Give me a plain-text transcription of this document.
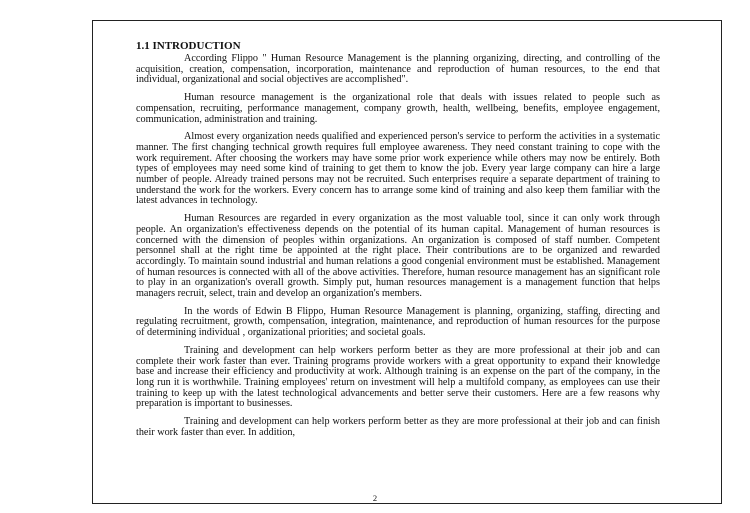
1.1 INTRODUCTION

According Flippo " Human Resource Management is the planning organizing, directing, and controlling of the acquisition, creation, compensation, incorporation, maintenance and reproduction of human resources, to the end that individual, organizational and social objectives are accomplished".

Human resource management is the organizational role that deals with issues related to people such as compensation, recruiting, performance management, company growth, health, wellbeing, benefits, employee engagement, communication, administration and training.

Almost every organization needs qualified and experienced person's service to perform the activities in a systematic manner. The first changing technical growth requires full employee awareness. They need constant training to cope with the work requirement. After choosing the workers may have some prior work experience while others may now be entirely. Both types of employees may need some kind of training to get them to know the job. Every year large company can hire a large number of people. Already trained persons may not be recruited. Such enterprises require a separate department of training to understand the work for the workers. Every concern has to arrange some kind of training and also keep them familiar with the latest advances in technology.

Human Resources are regarded in every organization as the most valuable tool, since it can only work through people. An organization's effectiveness depends on the potential of its human capital. Management of human resources is concerned with the dimension of peoples within organizations. An organization is composed of staff number. Competent personnel shall at the right time be appointed at the right place. Their contributions are to be organized and rewarded accordingly. To maintain sound industrial and human relations a good congenial environment must be established. Management of human resources is connected with all of the above activities. Therefore, human resource management has an significant role to play in an organization's overall growth. Simply put, human resources management is a management function that helps managers recruit, select, train and develop an organization's members.

In the words of Edwin B Flippo, Human Resource Management is planning, organizing, staffing, directing and regulating recruitment, growth, compensation, integration, maintenance, and reproduction of human resources for the purpose of determining individual , organizational priorities; and societal goals.

Training and development can help workers perform better as they are more professional at their job and can complete their work faster than ever. Training programs provide workers with a great opportunity to expand their knowledge base and increase their efficiency and productivity at work. Although training is an expense on the part of the company, in the long run it is worthwhile. Training employees' return on investment will help a multifold company, as employees can use their training to keep up with the latest technological advancements and better serve their customers. Here are a few reasons why preparation is important to businesses.

Training and development can help workers perform better as they are more professional at their job and can finish their work faster than ever. In addition,

2
